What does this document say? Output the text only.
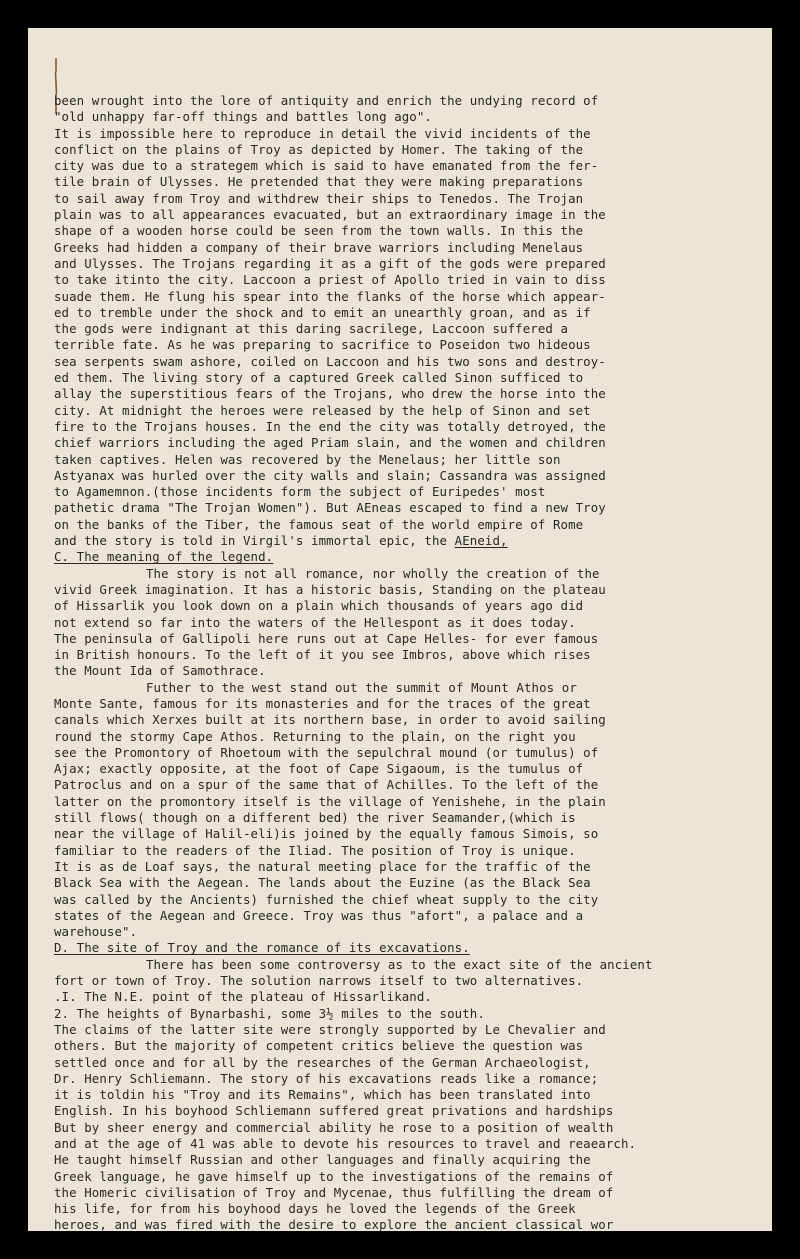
been wrought into the lore of antiquity and enrich the undying record of
"old unhappy far-off things and battles long ago".
It is impossible here to reproduce in detail the vivid incidents of the
conflict on the plains of Troy as depicted by Homer. The taking of the
city was due to a strategem which is said to have emanated from the fer-
tile brain of Ulysses. He pretended that they were making preparations
to sail away from Troy and withdrew their ships to Tenedos. The Trojan
plain was to all appearances evacuated, but an extraordinary image in the
shape of a wooden horse could be seen from the town walls. In this the
Greeks had hidden a company of their brave warriors including Menelaus
and Ulysses. The Trojans regarding it as a gift of the gods were prepared
to take itinto the city. Laccoon a priest of Apollo tried in vain to diss
suade them. He flung his spear into the flanks of the horse which appear-
ed to tremble under the shock and to emit an unearthly groan, and as if
the gods were indignant at this daring sacrilege, Laccoon suffered a
terrible fate. As he was preparing to sacrifice to Poseidon two hideous
sea serpents swam ashore, coiled on Laccoon and his two sons and destroy-
ed them. The living story of a captured Greek called Sinon sufficed to
allay the superstitious fears of the Trojans, who drew the horse into the
city. At midnight the heroes were released by the help of Sinon and set
fire to the Trojans houses. In the end the city was totally detroyed, the
chief warriors including the aged Priam slain, and the women and children
taken captives. Helen was recovered by the Menelaus; her little son
Astyanax was hurled over the city walls and slain; Cassandra was assigned
to Agamemnon.(those incidents form the subject of Euripedes' most
pathetic drama "The Trojan Women"). But AEneas escaped to find a new Troy
on the banks of the Tiber, the famous seat of the world empire of Rome
and the story is told in Virgil's immortal epic, the AEneid,
C. The meaning of the legend.
The story is not all romance, nor wholly the creation of the
vivid Greek imagination. It has a historic basis, Standing on the plateau
of Hissarlik you look down on a plain which thousands of years ago did
not extend so far into the waters of the Hellespont as it does today.
The peninsula of Gallipoli here runs out at Cape Helles- for ever famous
in British honours. To the left of it you see Imbros, above which rises
the Mount Ida of Samothrace.
Futher to the west stand out the summit of Mount Athos or
Monte Sante, famous for its monasteries and for the traces of the great
canals which Xerxes built at its northern base, in order to avoid sailing
round the stormy Cape Athos. Returning to the plain, on the right you
see the Promontory of Rhoetoum with the sepulchral mound (or tumulus) of
Ajax; exactly opposite, at the foot of Cape Sigaoum, is the tumulus of
Patroclus and on a spur of the same that of Achilles. To the left of the
latter on the promontory itself is the village of Yenishehe, in the plain
still flows( though on a different bed) the river Seamander,(which is
near the village of Halil-eli)is joined by the equally famous Simois, so
familiar to the readers of the Iliad. The position of Troy is unique.
It is as de Loaf says, the natural meeting place for the traffic of the
Black Sea with the Aegean. The lands about the Euzine (as the Black Sea
was called by the Ancients) furnished the chief wheat supply to the city
states of the Aegean and Greece. Troy was thus "afort", a palace and a
warehouse".
D. The site of Troy and the romance of its excavations.
There has been some controversy as to the exact site of the ancient
fort or town of Troy. The solution narrows itself to two alternatives.
.I. The N.E. point of the plateau of Hissarlikand.
2. The heights of Bynarbashi, some 3½ miles to the south.
The claims of the latter site were strongly supported by Le Chevalier and
others. But the majority of competent critics believe the question was
settled once and for all by the researches of the German Archaeologist,
Dr. Henry Schliemann. The story of his excavations reads like a romance;
it is toldin his "Troy and its Remains", which has been translated into
English. In his boyhood Schliemann suffered great privations and hardships
But by sheer energy and commercial ability he rose to a position of wealth
and at the age of 41 was able to devote his resources to travel and reaearch.
He taught himself Russian and other languages and finally acquiring the
Greek language, he gave himself up to the investigations of the remains of
the Homeric civilisation of Troy and Mycenae, thus fulfilling the dream of
his life, for from his boyhood days he loved the legends of the Greek
heroes, and was fired with the desire to explore the ancient classical wor
